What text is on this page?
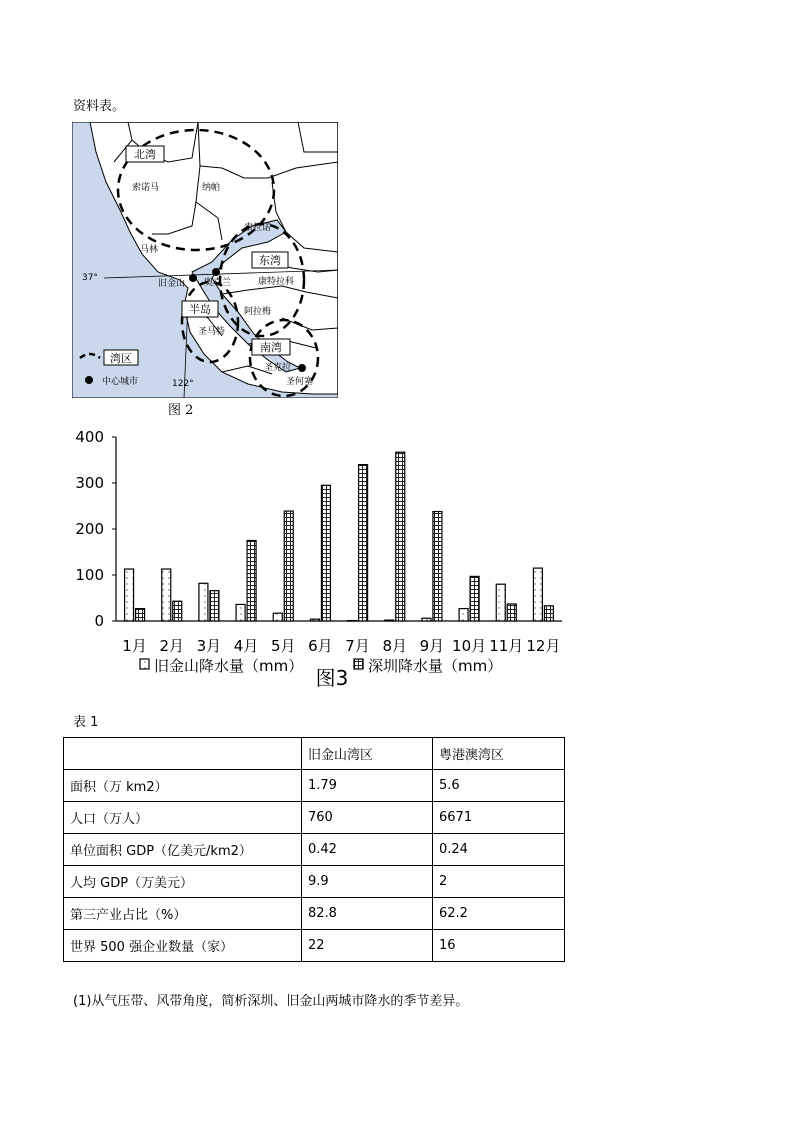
资料表。
北湾
东湾
半岛
南湾
索诺马	纳帕
索拉诺
马林
旧金山 奥克兰	康特拉科
阿拉梅
圣马特
圣克拉
圣何塞
37°
122°
湾区
中心城市
图 2
0
100
200
300
400
1月 2月 3月 4月 5月 6月 7月 8月 9月 10月 11月 12月
旧金山降水量（mm）	深圳降水量（mm）
图3
表 1
	旧金山湾区	粤港澳湾区
面积（万 km2）	1.79	5.6
人口（万人）	760	6671
单位面积 GDP（亿美元/km2）	0.42	0.24
人均 GDP（万美元）	9.9	2
第三产业占比（%）	82.8	62.2
世界 500 强企业数量（家）	22	16
(1)从气压带、风带角度，简析深圳、旧金山两城市降水的季节差异。
